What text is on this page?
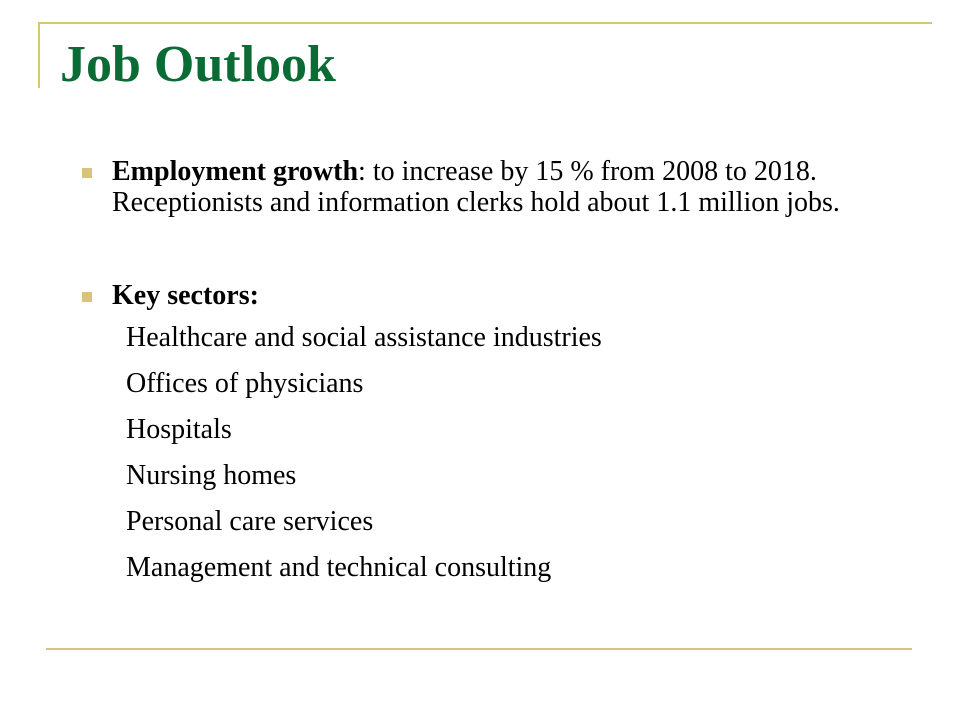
Job Outlook
Employment growth: to increase by 15 % from 2008 to 2018. Receptionists and information clerks hold about 1.1 million jobs.
Key sectors:
Healthcare and social assistance industries
Offices of physicians
Hospitals
Nursing homes
Personal care services
Management and technical consulting
